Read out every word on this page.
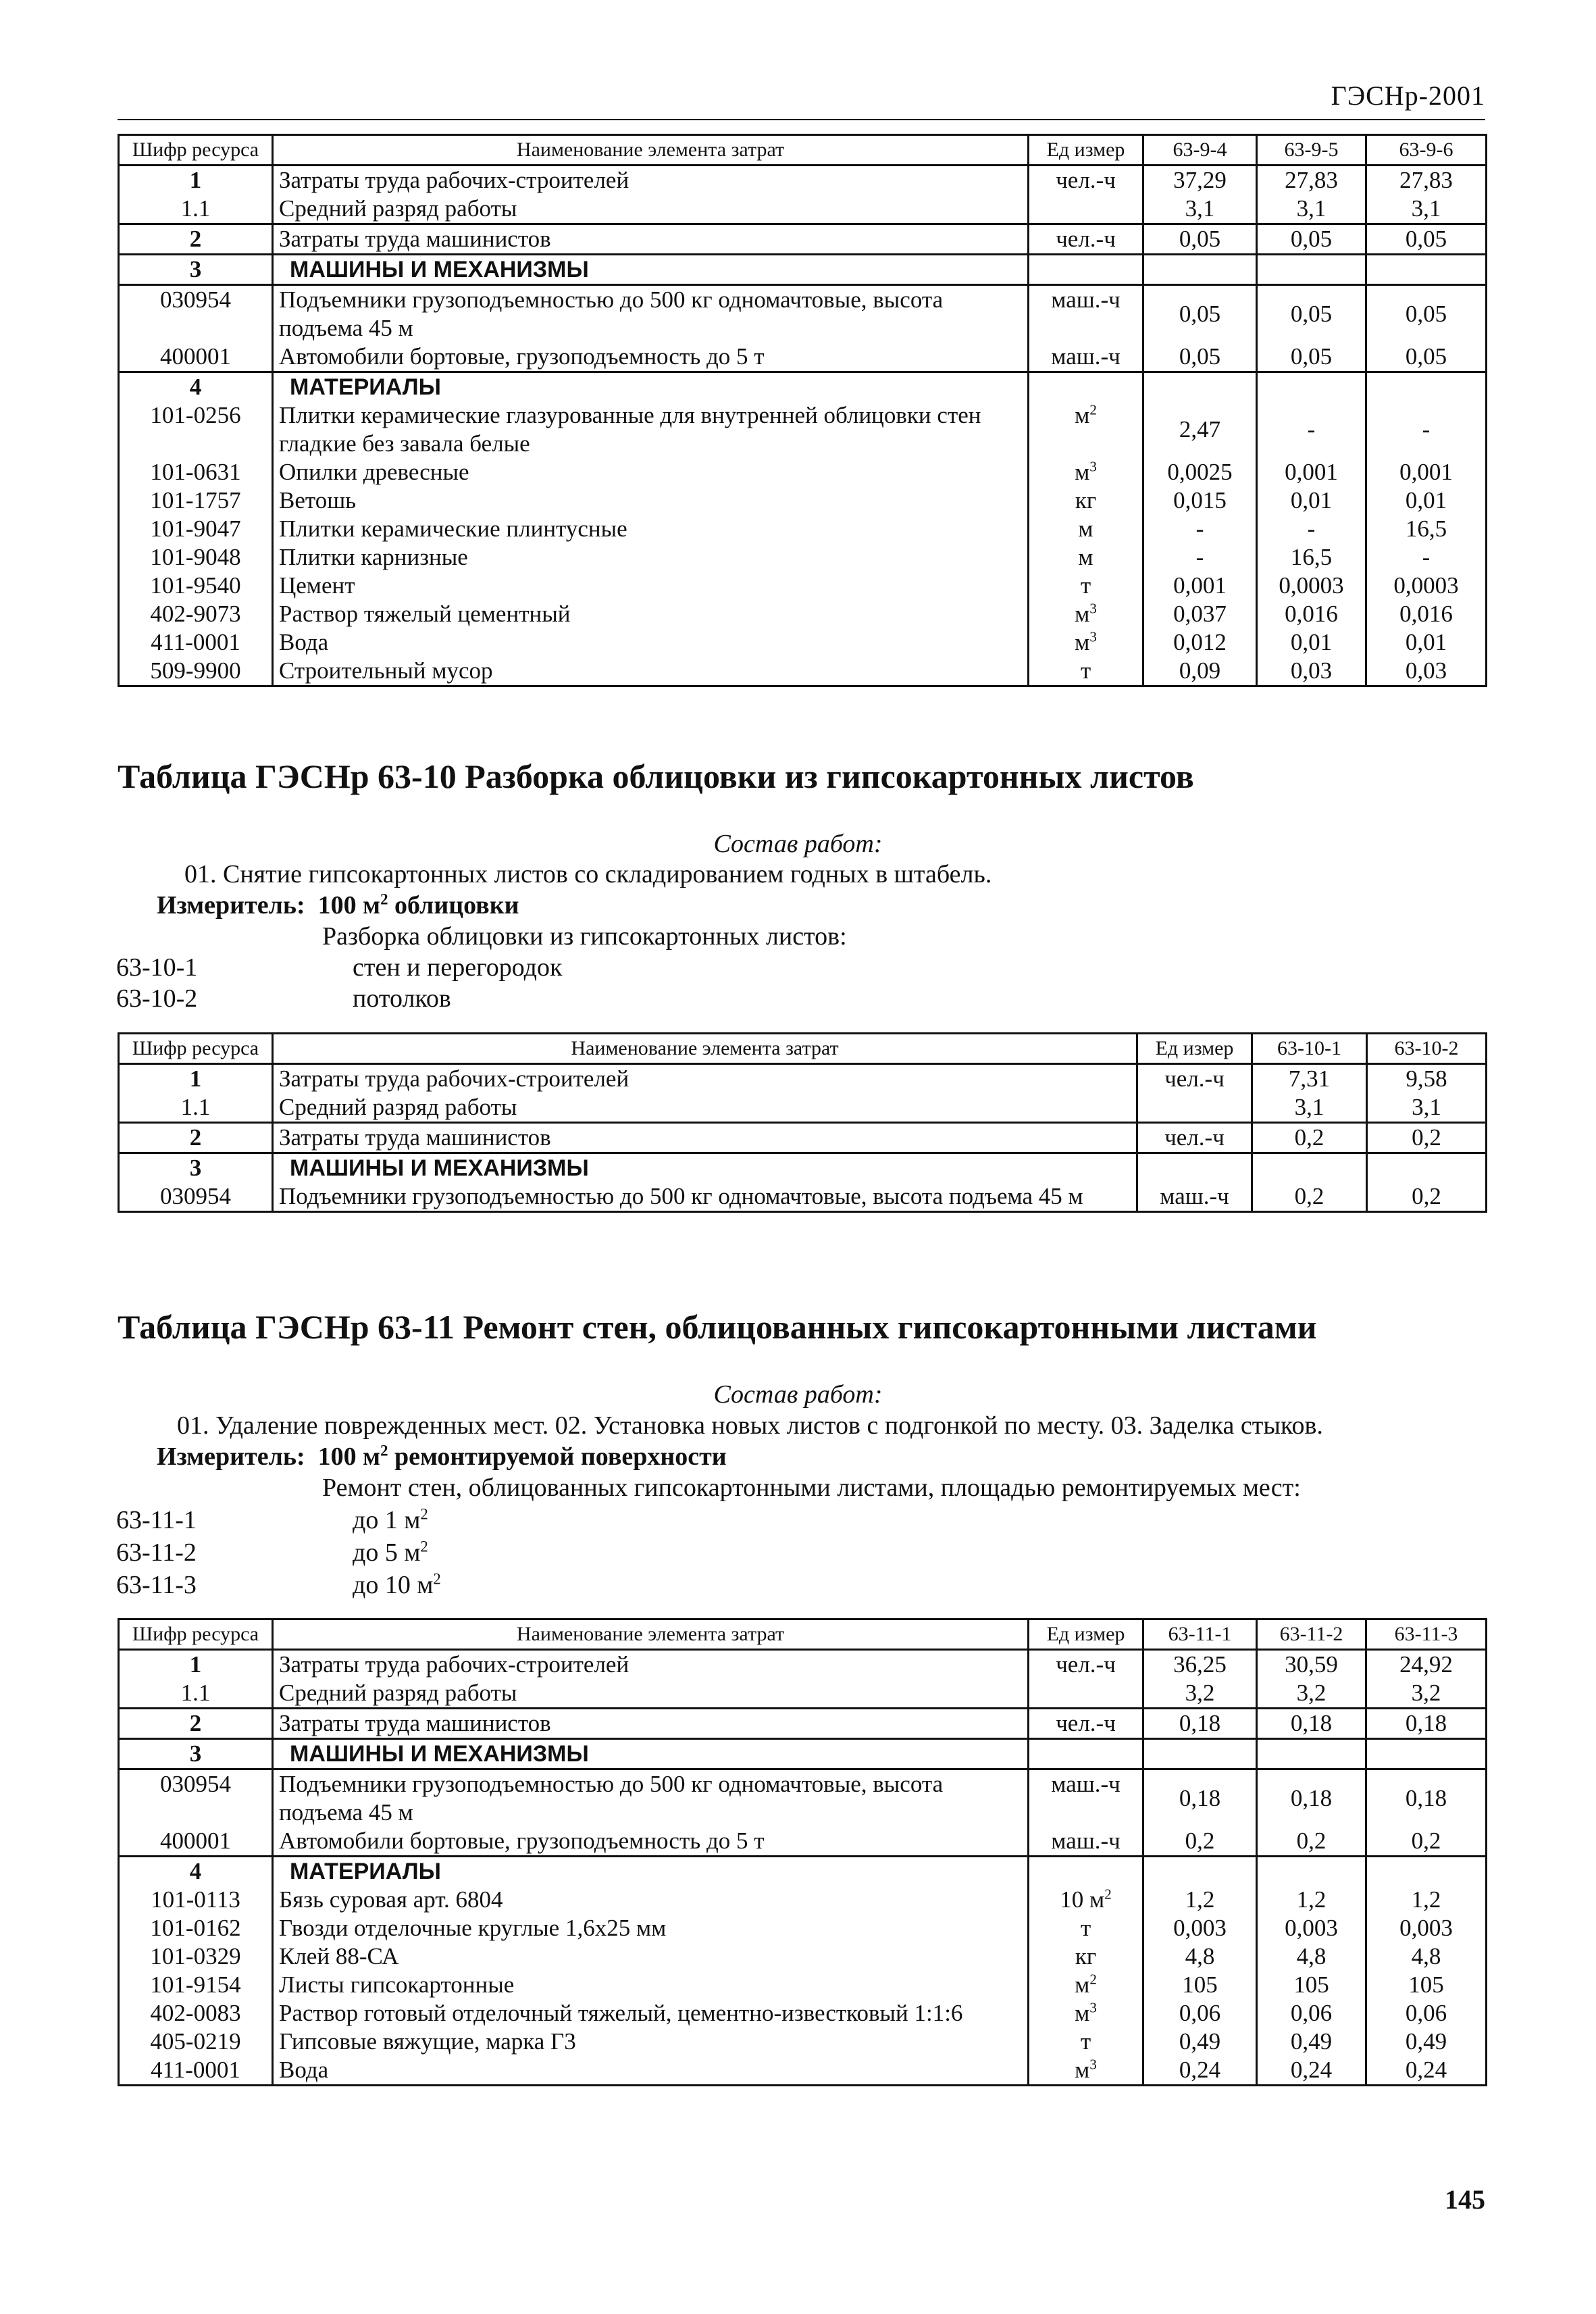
ГЭСНр-2001
Шифр ресурса	Наименование элемента затрат	Ед измер	63-9-4	63-9-5	63-9-6
1	Затраты труда рабочих-строителей	чел.-ч	37,29	27,83	27,83
1.1	Средний разряд работы		3,1	3,1	3,1
2	Затраты труда машинистов	чел.-ч	0,05	0,05	0,05
3	МАШИНЫ И МЕХАНИЗМЫ				
030954	Подъемники грузоподъемностью до 500 кг одномачтовые, высота подъема 45 м	маш.-ч	0,05	0,05	0,05
400001	Автомобили бортовые, грузоподъемность до 5 т	маш.-ч	0,05	0,05	0,05
4	МАТЕРИАЛЫ				
101-0256	Плитки керамические глазурованные для внутренней облицовки стен гладкие без завала белые	$м^2$	2,47	-	-
101-0631	Опилки древесные	$м^3$	0,0025	0,001	0,001
101-1757	Ветошь	кг	0,015	0,01	0,01
101-9047	Плитки керамические плинтусные	м	-	-	16,5
101-9048	Плитки карнизные	м	-	16,5	-
101-9540	Цемент	т	0,001	0,0003	0,0003
402-9073	Раствор тяжелый цементный	$м^3$	0,037	0,016	0,016
411-0001	Вода	$м^3$	0,012	0,01	0,01
509-9900	Строительный мусор	т	0,09	0,03	0,03
Таблица ГЭСНр 63-10 Разборка облицовки из гипсокартонных листов
Состав работ:
01. Снятие гипсокартонных листов со складированием годных в штабель.
Измеритель: 100 $м^2$ облицовки
Разборка облицовки из гипсокартонных листов:
63-10-1	стен и перегородок
63-10-2	потолков
Шифр ресурса	Наименование элемента затрат	Ед измер	63-10-1	63-10-2
1	Затраты труда рабочих-строителей	чел.-ч	7,31	9,58
1.1	Средний разряд работы		3,1	3,1
2	Затраты труда машинистов	чел.-ч	0,2	0,2
3	МАШИНЫ И МЕХАНИЗМЫ			
030954	Подъемники грузоподъемностью до 500 кг одномачтовые, высота подъема 45 м	маш.-ч	0,2	0,2
Таблица ГЭСНр 63-11 Ремонт стен, облицованных гипсокартонными листами
Состав работ:
01. Удаление поврежденных мест. 02. Установка новых листов с подгонкой по месту. 03. Заделка стыков.
Измеритель: 100 $м^2$ ремонтируемой поверхности
Ремонт стен, облицованных гипсокартонными листами, площадью ремонтируемых мест:
63-11-1	до 1 $м^2$
63-11-2	до 5 $м^2$
63-11-3	до 10 $м^2$
Шифр ресурса	Наименование элемента затрат	Ед измер	63-11-1	63-11-2	63-11-3
1	Затраты труда рабочих-строителей	чел.-ч	36,25	30,59	24,92
1.1	Средний разряд работы		3,2	3,2	3,2
2	Затраты труда машинистов	чел.-ч	0,18	0,18	0,18
3	МАШИНЫ И МЕХАНИЗМЫ				
030954	Подъемники грузоподъемностью до 500 кг одномачтовые, высота подъема 45 м	маш.-ч	0,18	0,18	0,18
400001	Автомобили бортовые, грузоподъемность до 5 т	маш.-ч	0,2	0,2	0,2
4	МАТЕРИАЛЫ				
101-0113	Бязь суровая арт. 6804	10 $м^2$	1,2	1,2	1,2
101-0162	Гвозди отделочные круглые 1,6х25 мм	т	0,003	0,003	0,003
101-0329	Клей 88-СА	кг	4,8	4,8	4,8
101-9154	Листы гипсокартонные	$м^2$	105	105	105
402-0083	Раствор готовый отделочный тяжелый, цементно-известковый 1:1:6	$м^3$	0,06	0,06	0,06
405-0219	Гипсовые вяжущие, марка Г3	т	0,49	0,49	0,49
411-0001	Вода	$м^3$	0,24	0,24	0,24
145
